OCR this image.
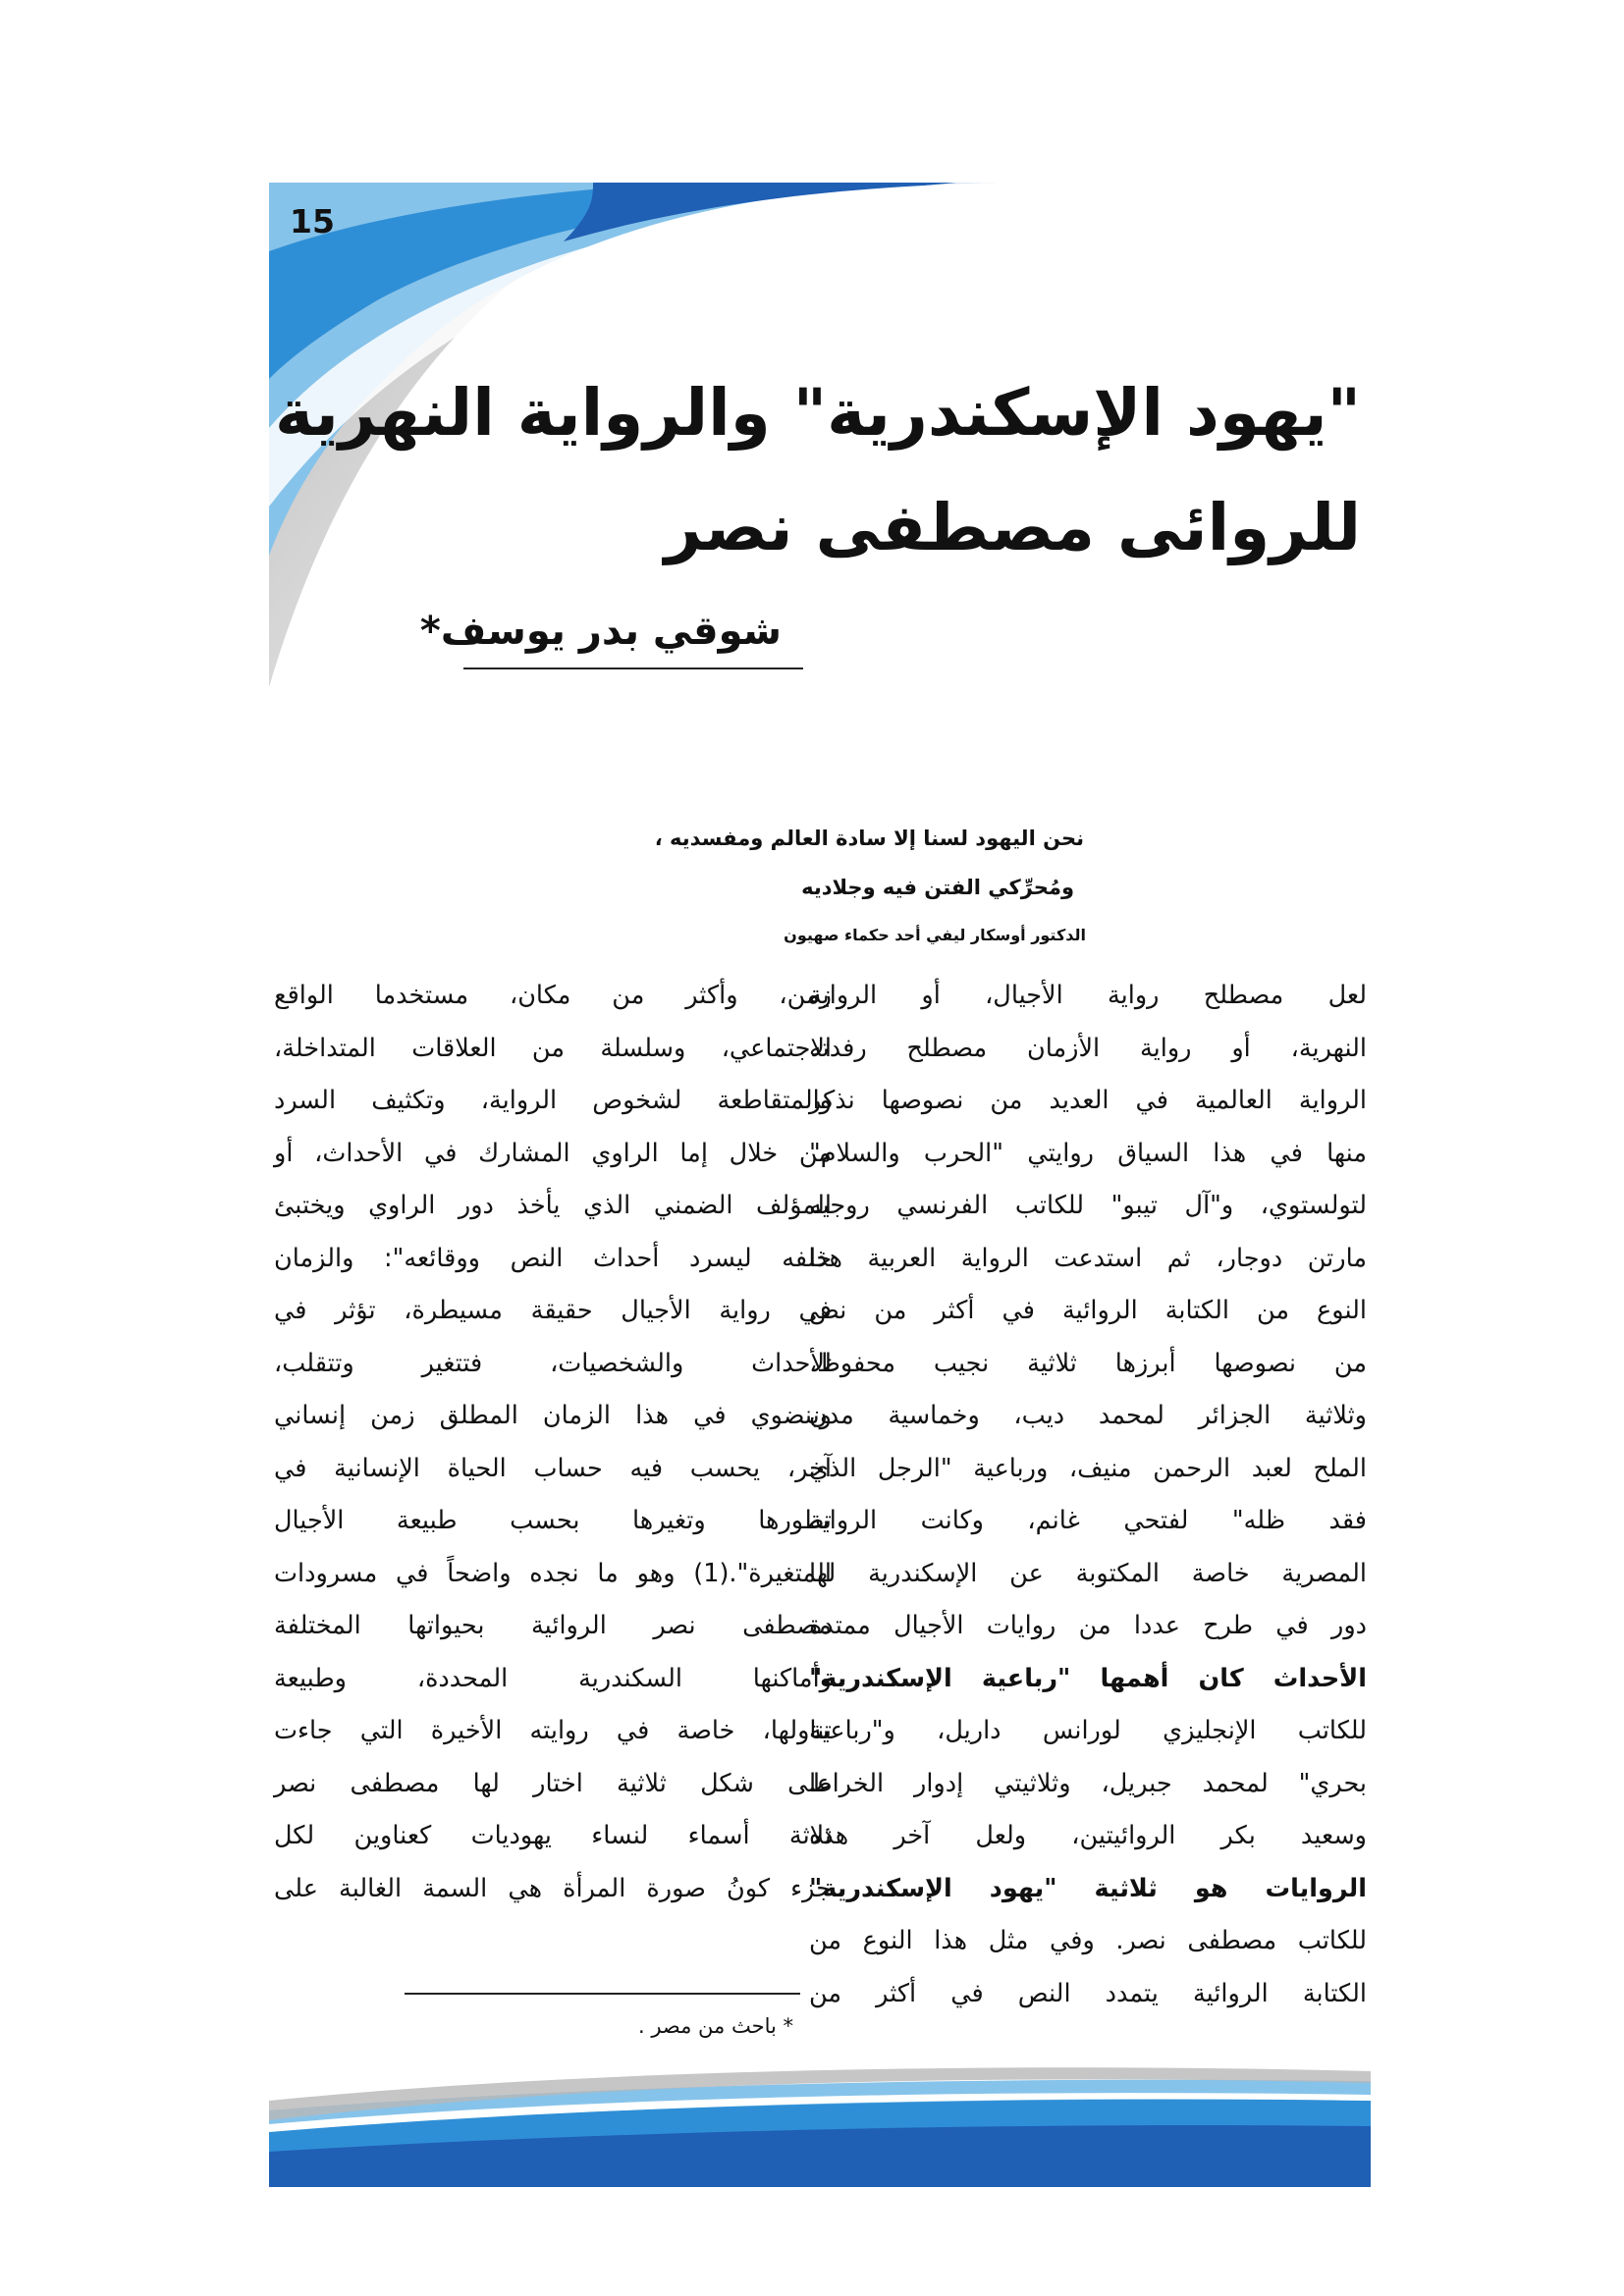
15
"يهود الإسكندرية" والرواية النهرية
للروائى مصطفى نصر
شوقي بدر يوسف*
نحن اليهود لسنا إلا سادة العالم ومفسديه ،
ومُحرِّكي الفتن فيه وجلاديه
الدكتور أوسكار ليفي أحد حكماء صهيون

لعل مصطلح رواية الأجيال، أو الرواية

النهرية، أو رواية الأزمان مصطلح رفدته

الرواية العالمية في العديد من نصوصها نذكر

منها في هذا السياق روايتي "الحرب والسلام"

لتولستوي، و"آل تيبو" للكاتب الفرنسي روجيه

مارتن دوجار، ثم استدعت الرواية العربية هذا

النوع من الكتابة الروائية في أكثر من نص

من نصوصها أبرزها ثلاثية نجيب محفوظ،

وثلاثية الجزائر لمحمد ديب، وخماسية مدن

الملح لعبد الرحمن منيف، ورباعية "الرجل الذي

فقد ظله" لفتحي غانم، وكانت الرواية

المصرية خاصة المكتوبة عن الإسكندرية لها

دور في طرح عددا من روايات الأجيال ممتدة

الأحداث كان أهمها "رباعية الإسكندرية"

للكاتب الإنجليزي لورانس داريل، و"رباعية

بحري" لمحمد جبريل، وثلاثيتي إدوار الخراط

وسعيد بكر الروائيتين، ولعل آخر هذه

الروايات هو ثلاثية "يهود الإسكندرية"

للكاتب مصطفى نصر. وفي مثل هذا النوع من

الكتابة الروائية يتمدد النص في أكثر من

زمن، وأكثر من مكان، مستخدما الواقع

الاجتماعي، وسلسلة من العلاقات المتداخلة،

والمتقاطعة لشخوص الرواية، وتكثيف السرد

من خلال إما الراوي المشارك في الأحداث، أو

المؤلف الضمني الذي يأخذ دور الراوي ويختبئ

خلفه ليسرد أحداث النص ووقائعه": والزمان

في رواية الأجيال حقيقة مسيطرة، تؤثر في

الأحداث والشخصيات، فتتغير وتتقلب،

وينضوي في هذا الزمان المطلق زمن إنساني

آخر، يحسب فيه حساب الحياة الإنسانية في

تطورها وتغيرها بحسب طبيعة الأجيال

المتغيرة".(1) وهو ما نجده واضحاً في مسرودات

مصطفى نصر الروائية بحيواتها المختلفة

وأماكنها السكندرية المحددة، وطبيعة

تناولها، خاصة في روايته الأخيرة التي جاءت

على شكل ثلاثية اختار لها مصطفى نصر

ثلاثة أسماء لنساء يهوديات كعناوين لكل

جزء كونُ صورة المرأة هي السمة الغالبة على

* باحث من مصر .
